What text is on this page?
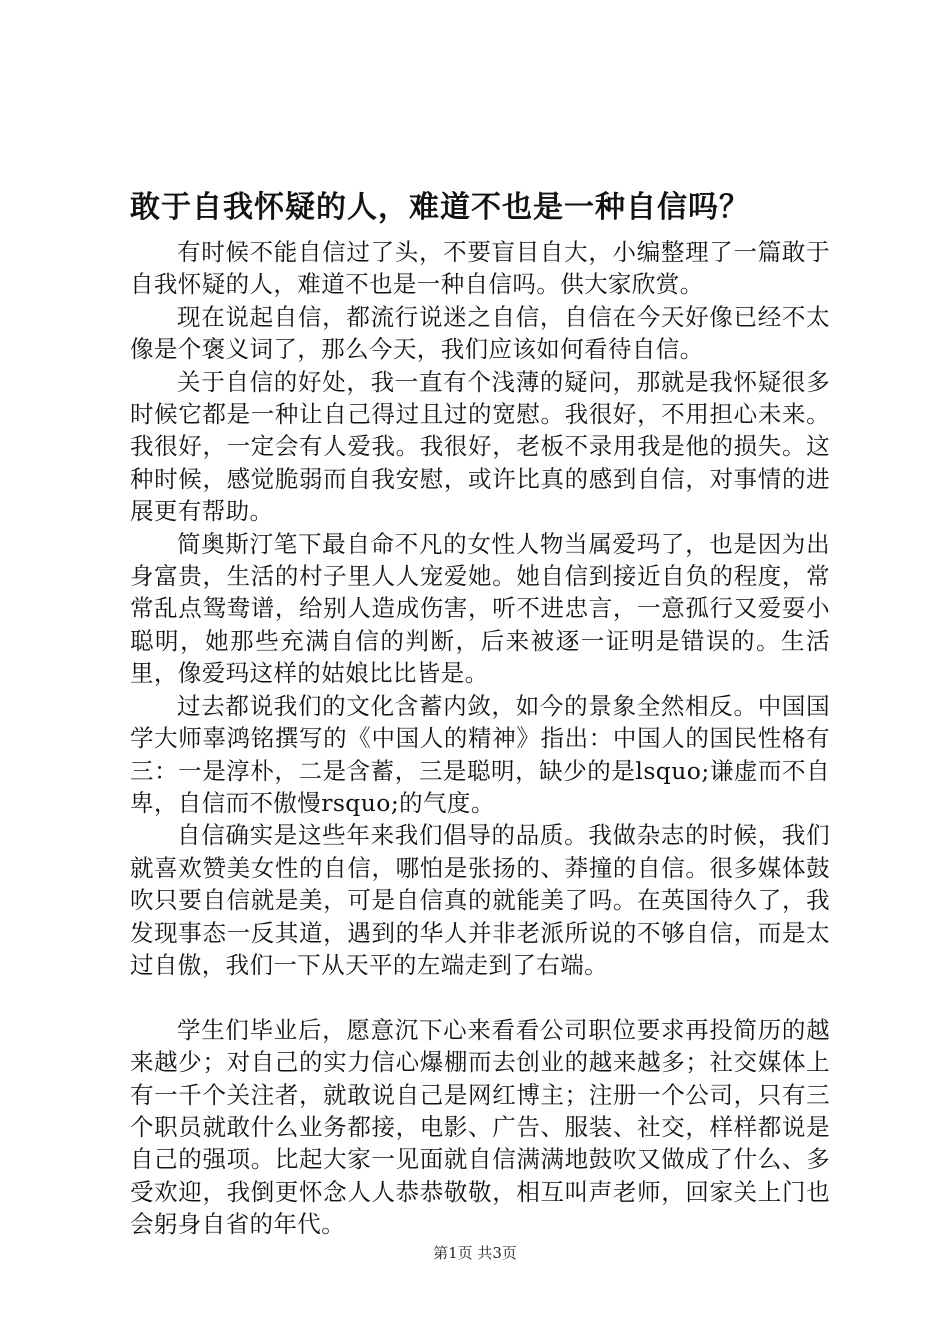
敢于自我怀疑的人，难道不也是一种自信吗？

有时候不能自信过了头，不要盲目自大，小编整理了一篇敢于自我怀疑的人，难道不也是一种自信吗。供大家欣赏。

现在说起自信，都流行说迷之自信，自信在今天好像已经不太像是个褒义词了，那么今天，我们应该如何看待自信。

关于自信的好处，我一直有个浅薄的疑问，那就是我怀疑很多时候它都是一种让自己得过且过的宽慰。我很好，不用担心未来。我很好，一定会有人爱我。我很好，老板不录用我是他的损失。这种时候，感觉脆弱而自我安慰，或许比真的感到自信，对事情的进展更有帮助。

简奥斯汀笔下最自命不凡的女性人物当属爱玛了，也是因为出身富贵，生活的村子里人人宠爱她。她自信到接近自负的程度，常常乱点鸳鸯谱，给别人造成伤害，听不进忠言，一意孤行又爱耍小聪明，她那些充满自信的判断，后来被逐一证明是错误的。生活里，像爱玛这样的姑娘比比皆是。

过去都说我们的文化含蓄内敛，如今的景象全然相反。中国国学大师辜鸿铭撰写的《中国人的精神》指出：中国人的国民性格有三：一是淳朴，二是含蓄，三是聪明，缺少的是lsquo;谦虚而不自卑，自信而不傲慢rsquo;的气度。

自信确实是这些年来我们倡导的品质。我做杂志的时候，我们就喜欢赞美女性的自信，哪怕是张扬的、莽撞的自信。很多媒体鼓吹只要自信就是美，可是自信真的就能美了吗。在英国待久了，我发现事态一反其道，遇到的华人并非老派所说的不够自信，而是太过自傲，我们一下从天平的左端走到了右端。

学生们毕业后，愿意沉下心来看看公司职位要求再投简历的越来越少；对自己的实力信心爆棚而去创业的越来越多；社交媒体上有一千个关注者，就敢说自己是网红博主；注册一个公司，只有三个职员就敢什么业务都接，电影、广告、服装、社交，样样都说是自己的强项。比起大家一见面就自信满满地鼓吹又做成了什么、多受欢迎，我倒更怀念人人恭恭敬敬，相互叫声老师，回家关上门也会躬身自省的年代。

第1页 共3页
